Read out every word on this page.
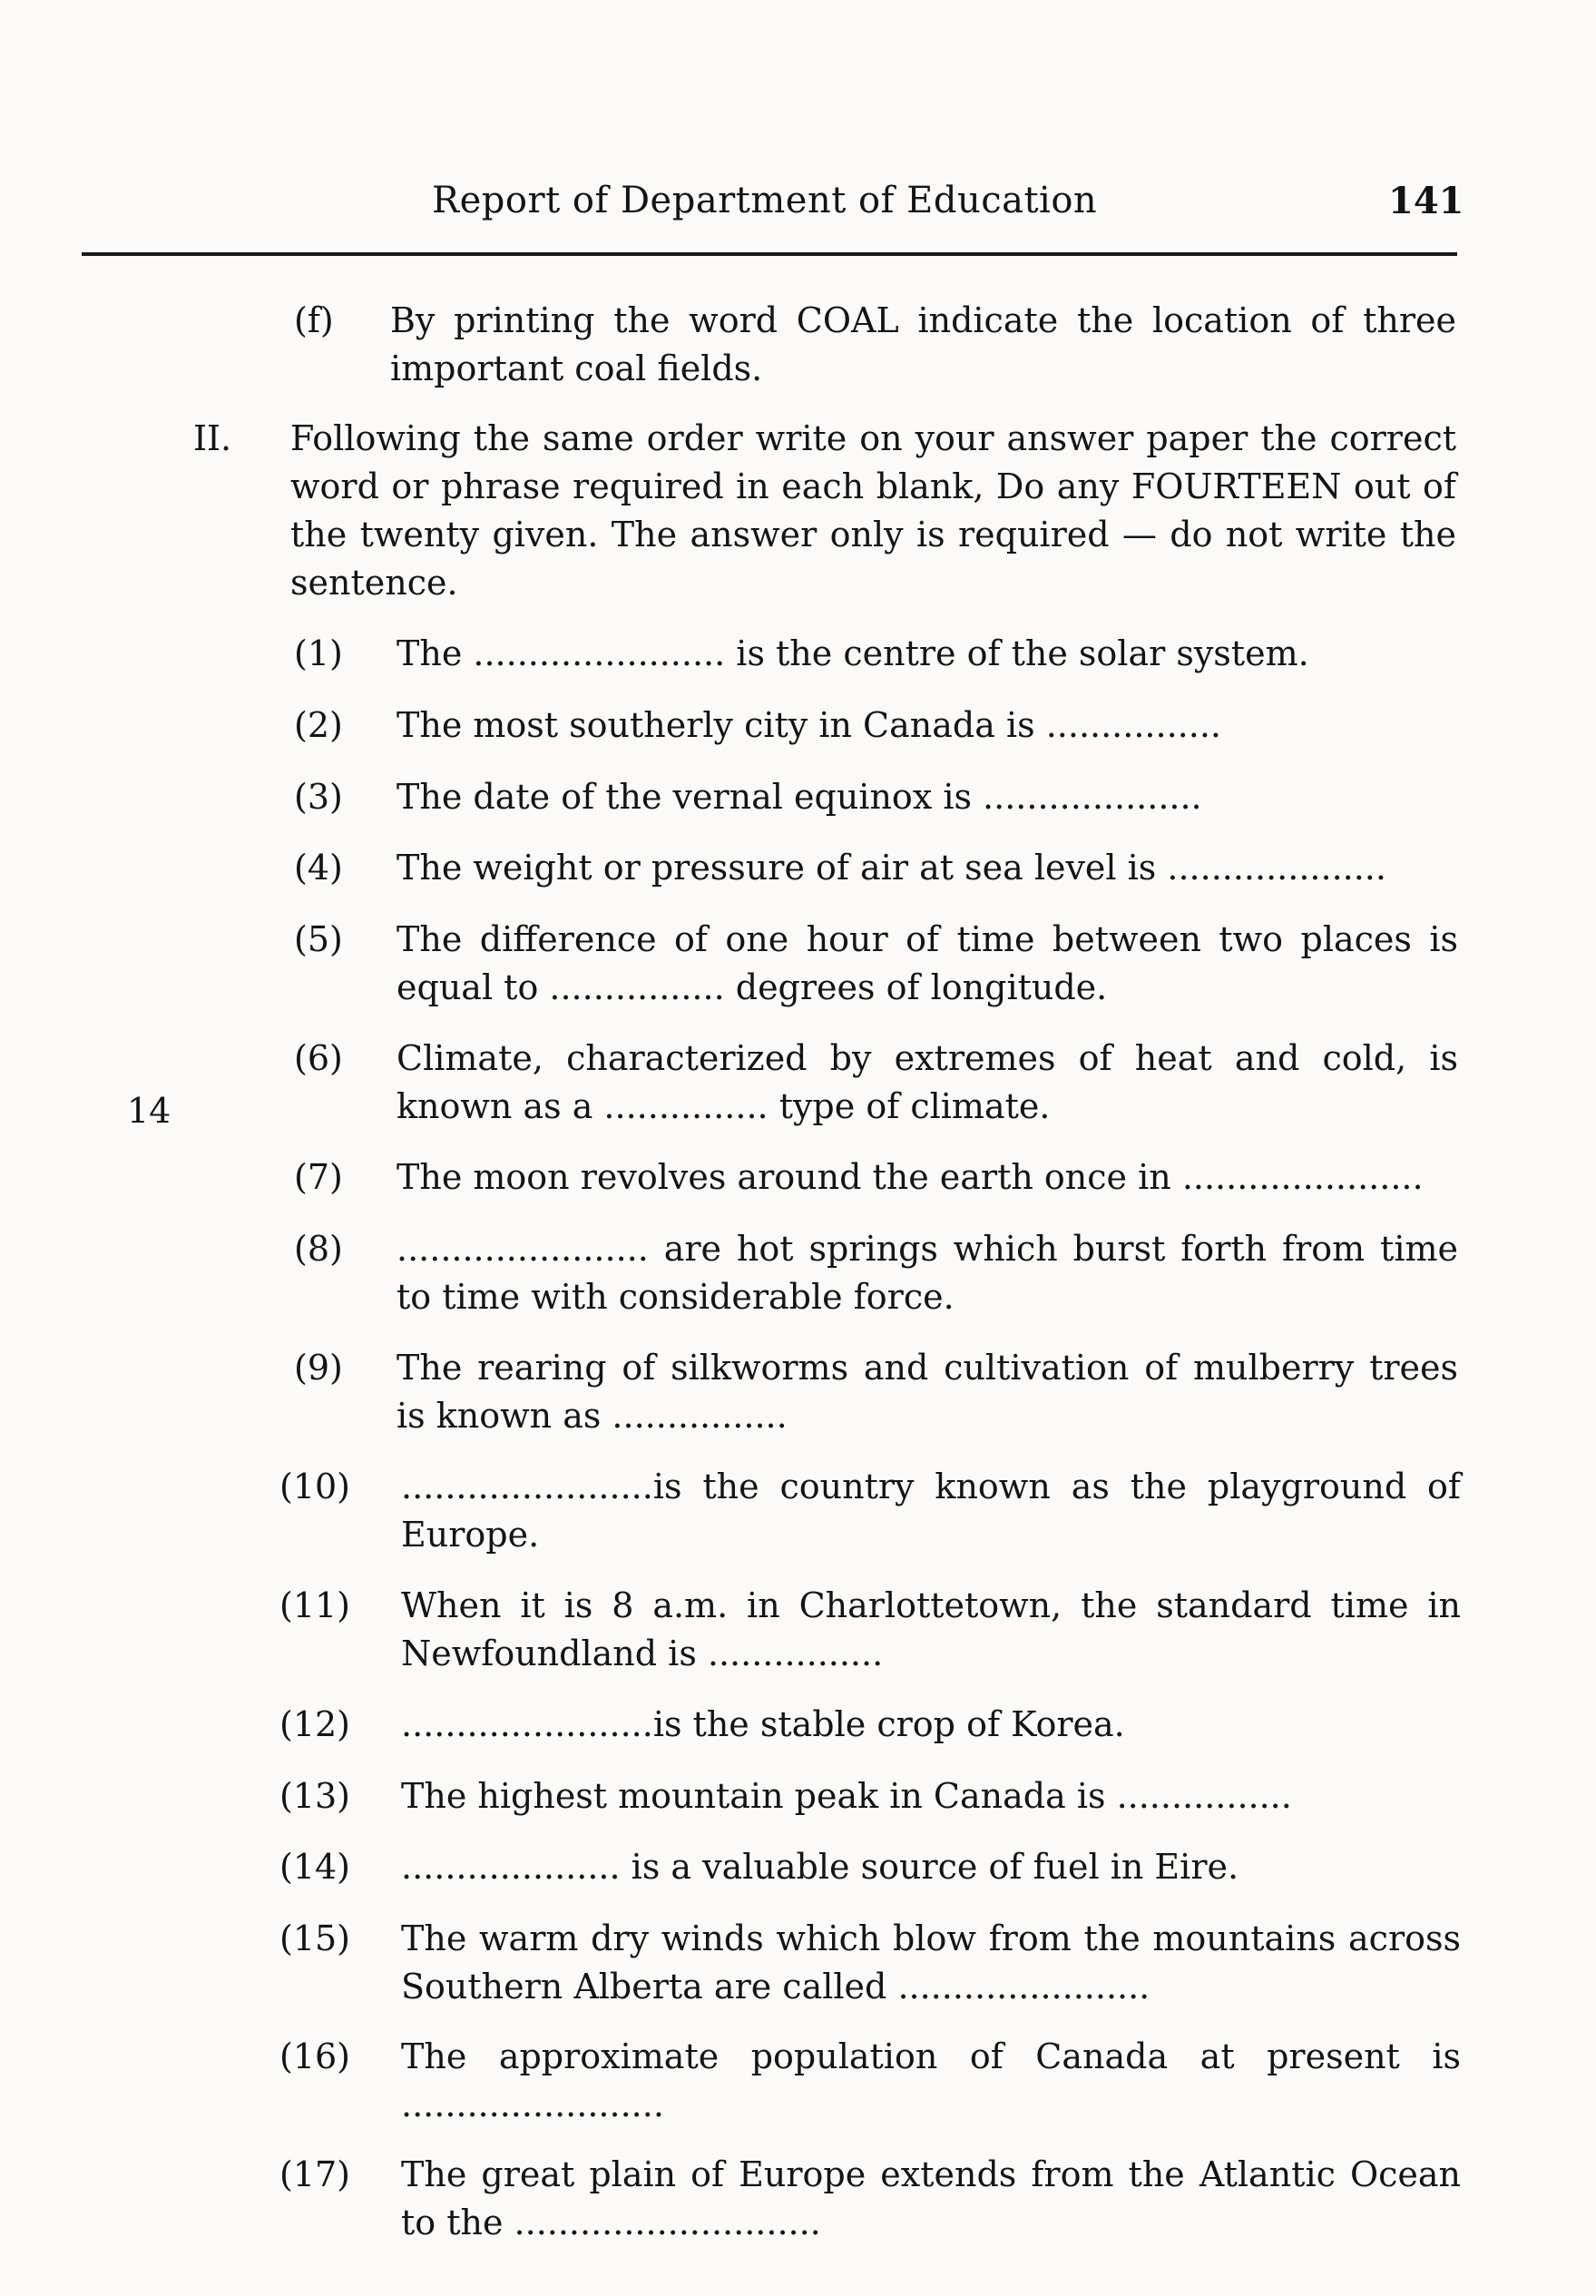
Report of Department of Education	141
14
(f) By printing the word COAL indicate the location of three important coal fields.
II. Following the same order write on your answer paper the correct word or phrase required in each blank, Do any FOURTEEN out of the twenty given. The answer only is required — do not write the sentence.
(1) The ....................... is the centre of the solar system.
(2) The most southerly city in Canada is ................
(3) The date of the vernal equinox is ....................
(4) The weight or pressure of air at sea level is ....................
(5) The difference of one hour of time between two places is equal to ................ degrees of longitude.
(6) Climate, characterized by extremes of heat and cold, is known as a ............... type of climate.
(7) The moon revolves around the earth once in ......................
(8) ....................... are hot springs which burst forth from time to time with considerable force.
(9) The rearing of silkworms and cultivation of mulberry trees is known as ................
(10) .......................is the country known as the playground of Europe.
(11) When it is 8 a.m. in Charlottetown, the standard time in Newfoundland is ................
(12) .......................is the stable crop of Korea.
(13) The highest mountain peak in Canada is ................
(14) .................... is a valuable source of fuel in Eire.
(15) The warm dry winds which blow from the mountains across Southern Alberta are called .......................
(16) The approximate population of Canada at present is ........................
(17) The great plain of Europe extends from the Atlantic Ocean to the ............................
